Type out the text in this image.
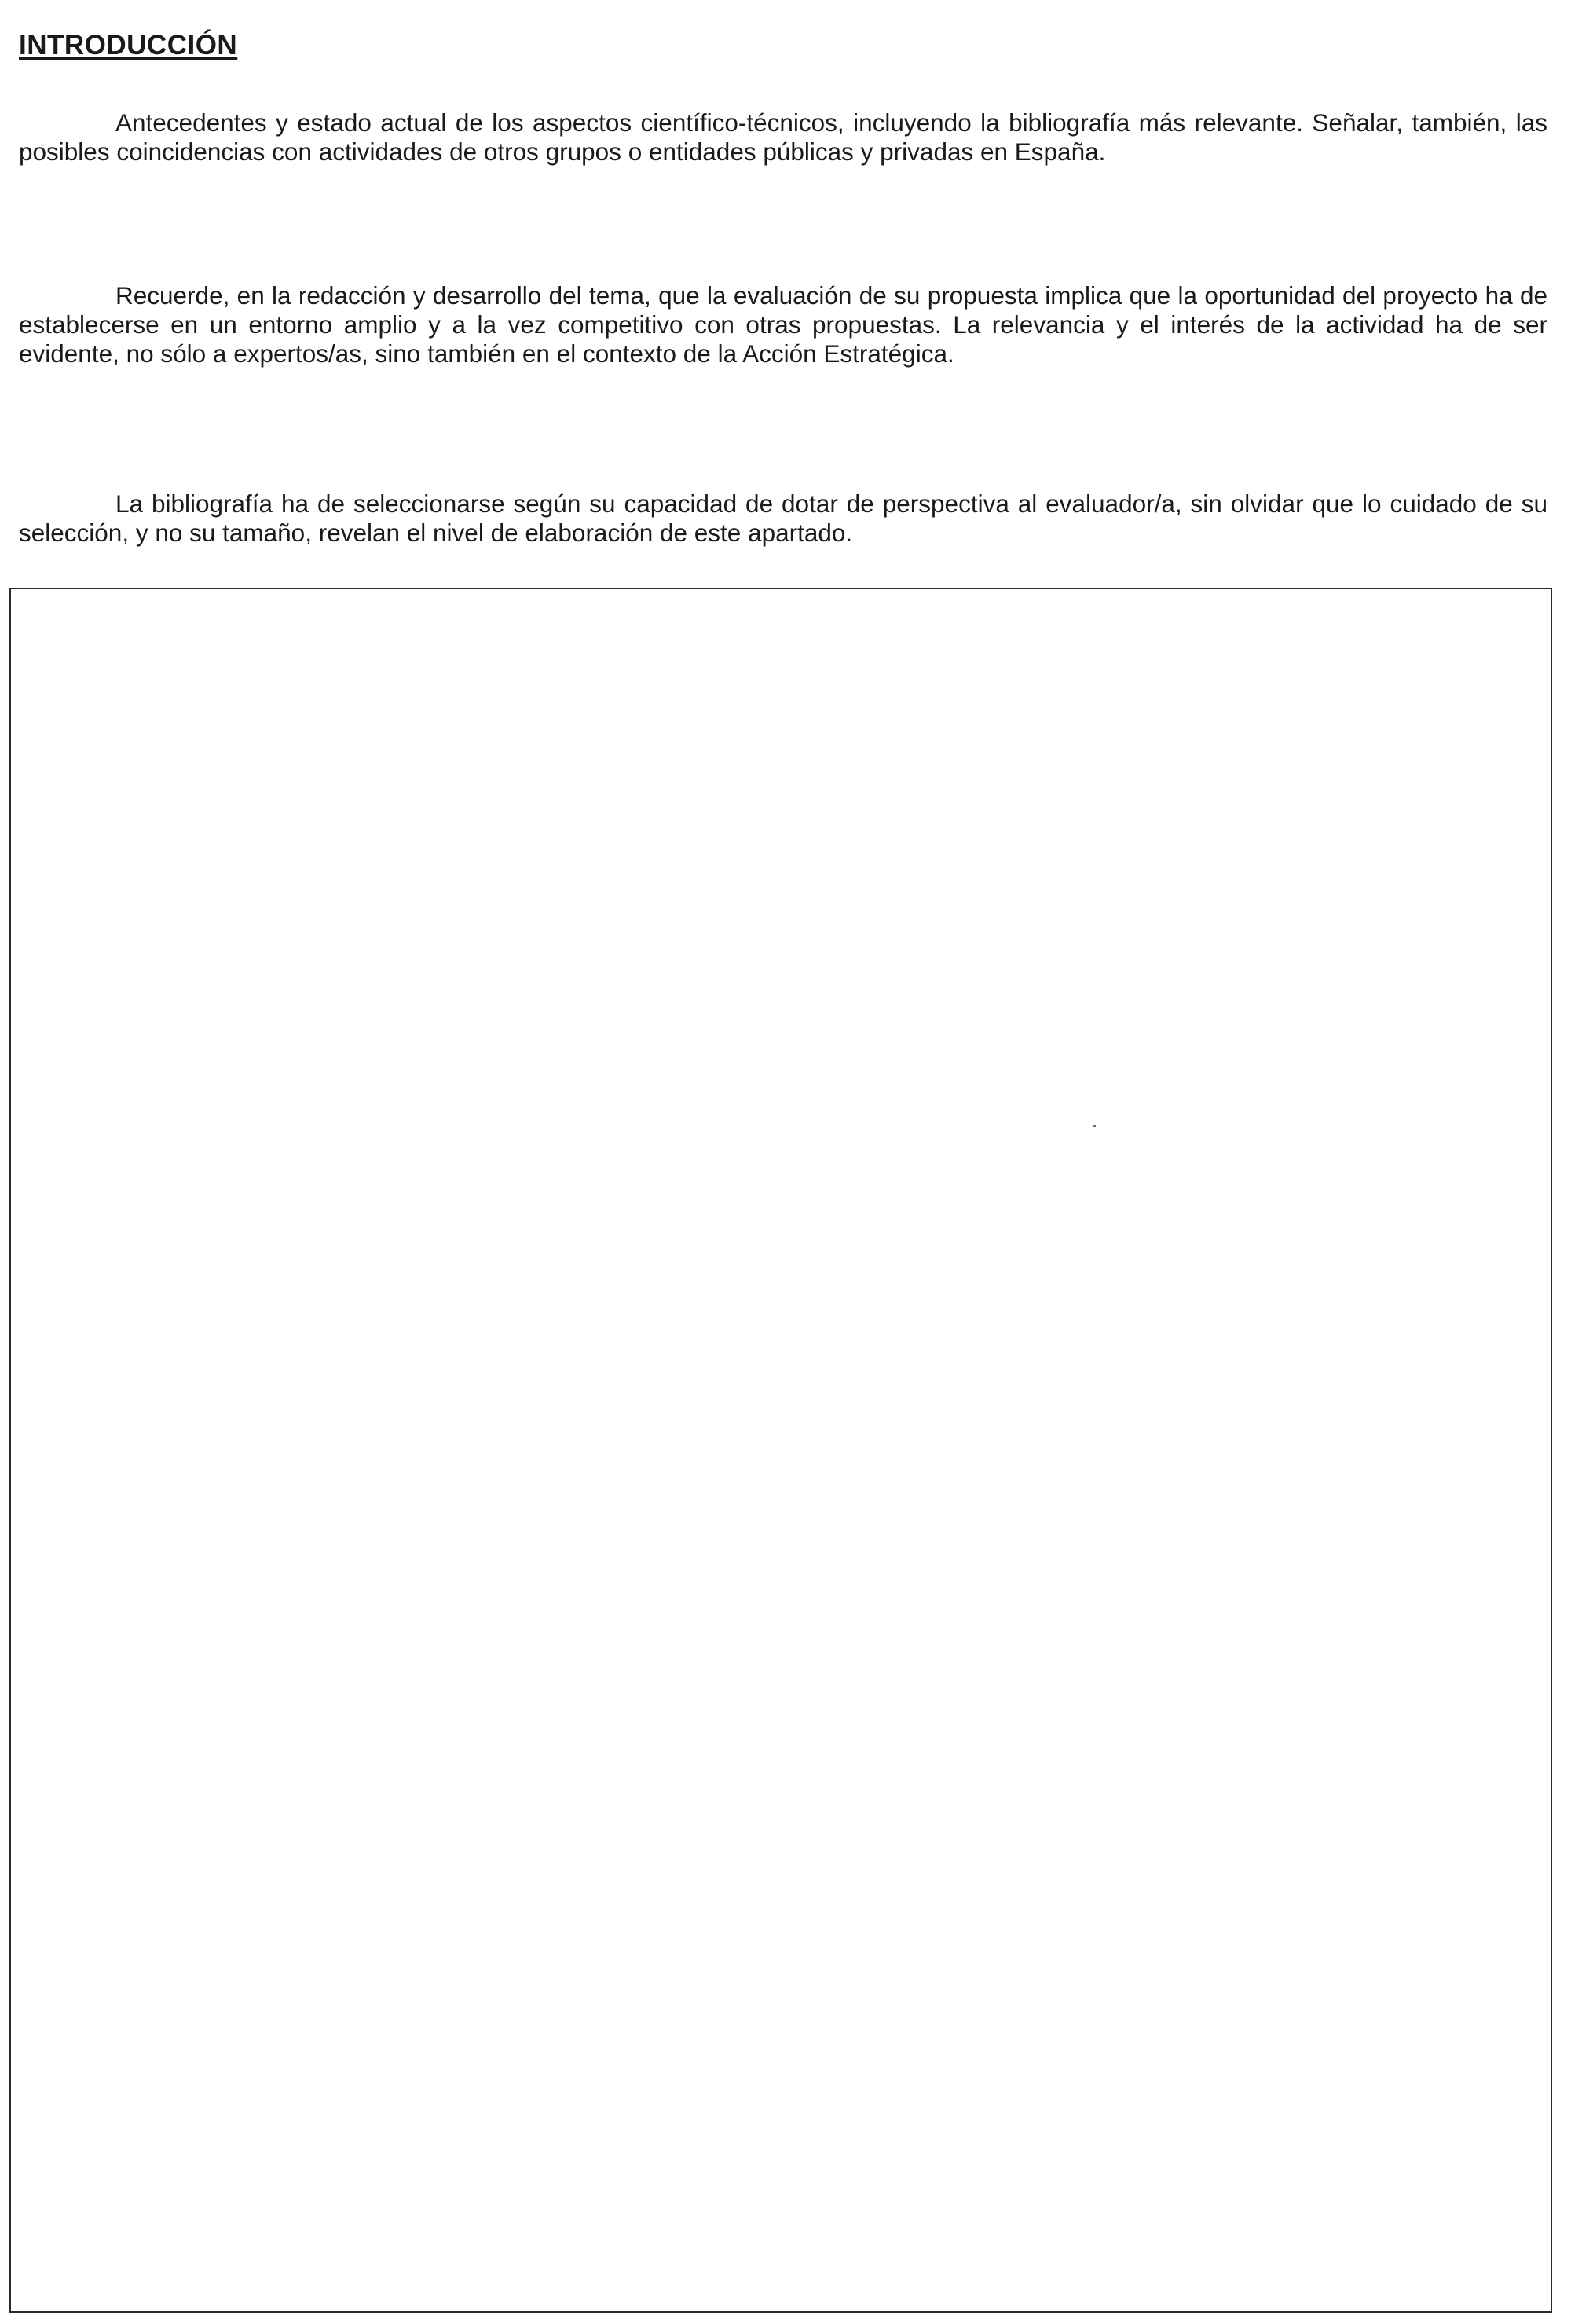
INTRODUCCIÓN

Antecedentes y estado actual de los aspectos científico-técnicos, incluyendo la bibliografía más relevante. Señalar, también, las posibles coincidencias con actividades de otros grupos o entidades públicas y privadas en España.

Recuerde, en la redacción y desarrollo del tema, que la evaluación de su propuesta implica que la oportunidad del proyecto ha de establecerse en un entorno amplio y a la vez competitivo con otras propuestas. La relevancia y el interés de la actividad ha de ser evidente, no sólo a expertos/as, sino también en el contexto de la Acción Estratégica.

La bibliografía ha de seleccionarse según su capacidad de dotar de perspectiva al evaluador/a, sin olvidar que lo cuidado de su selección, y no su tamaño, revelan el nivel de elaboración de este apartado.
